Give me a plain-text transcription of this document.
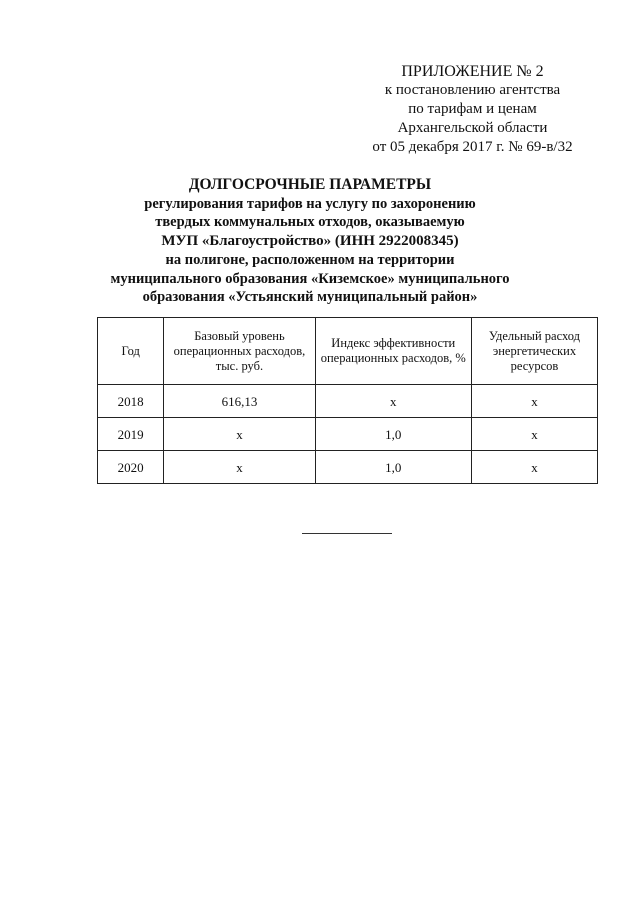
ПРИЛОЖЕНИЕ № 2
к постановлению агентства
по тарифам и ценам
Архангельской области
от 05 декабря 2017 г. № 69-в/32
ДОЛГОСРОЧНЫЕ ПАРАМЕТРЫ
регулирования тарифов на услугу по захоронению
твердых коммунальных отходов, оказываемую
МУП «Благоустройство» (ИНН 2922008345)
на полигоне, расположенном на территории
муниципального образования «Киземское» муниципального
образования «Устьянский муниципальный район»
Год	Базовый уровень операционных расходов, тыс. руб.	Индекс эффективности операционных расходов, %	Удельный расход энергетических ресурсов
2018	616,13	х	х
2019	х	1,0	х
2020	х	1,0	х
